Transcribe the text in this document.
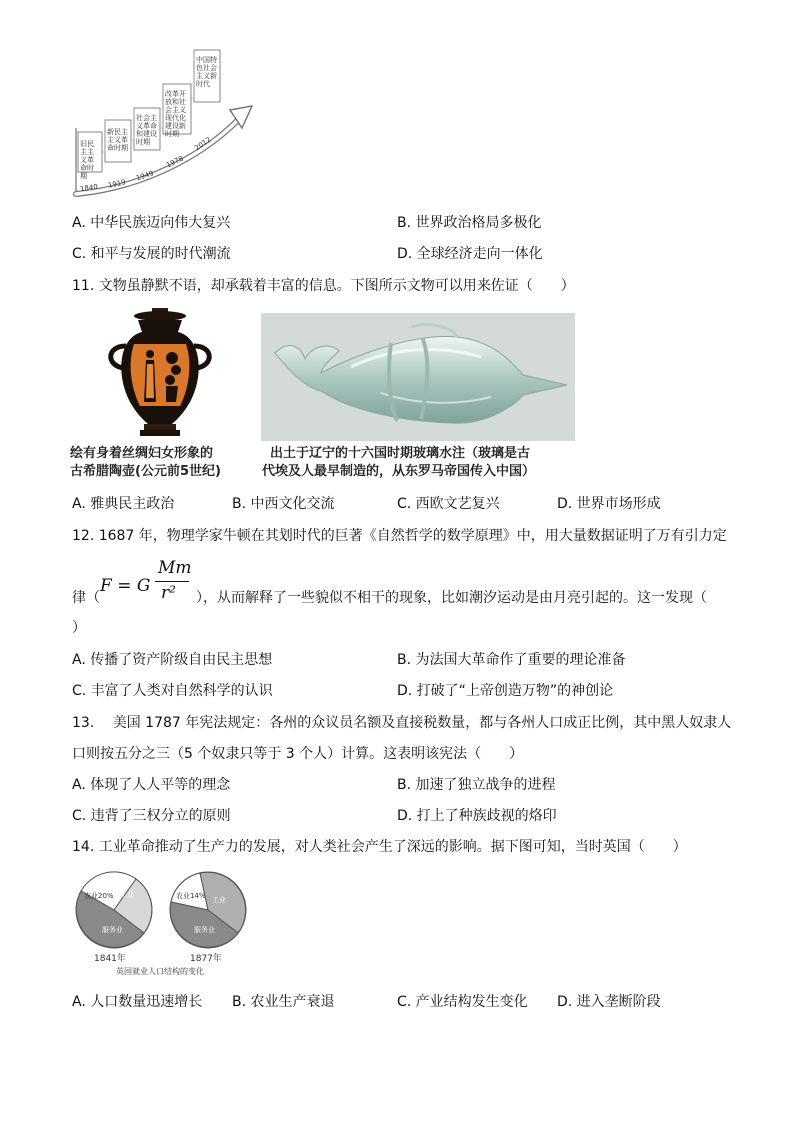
旧民主主义革命时期
新民主主义革命时期
社会主义革命和建设时期
改革开放和社会主义现代化建设新时期
中国特色社会主义新时代
1840 1919
1949
1978
2012
A. 中华民族迈向伟大复兴	B. 世界政治格局多极化
C. 和平与发展的时代潮流	D. 全球经济走向一体化
11. 文物虽静默不语，却承载着丰富的信息。下图所示文物可以用来佐证（　　）
绘有身着丝绸妇女形象的
古希腊陶壶(公元前5世纪)
出土于辽宁的十六国时期玻璃水注（玻璃是古
代埃及人最早制造的，从东罗马帝国传入中国）
A. 雅典民主政治	B. 中西文化交流	C. 西欧文艺复兴	D. 世界市场形成
12. 1687 年，物理学家牛顿在其划时代的巨著《自然哲学的数学原理》中，用大量数据证明了万有引力定
律（
F = G
Mm
r² ），从而解释了一些貌似不相干的现象，比如潮汐运动是由月亮引起的。这一发现（
）
A. 传播了资产阶级自由民主思想	B. 为法国大革命作了重要的理论准备
C. 丰富了人类对自然科学的认识	D. 打破了“上帝创造万物”的神创论
13.　 美国 1787 年宪法规定：各州的众议员名额及直接税数量，都与各州人口成正比例，其中黑人奴隶人
口则按五分之三（5 个奴隶只等于 3 个人）计算。这表明该宪法（　　）
A. 体现了人人平等的理念	B. 加速了独立战争的进程
C. 违背了三权分立的原则	D. 打上了种族歧视的烙印
14. 工业革命推动了生产力的发展，对人类社会产生了深远的影响。据下图可知，当时英国（　　）
农业20% 工业
服务业
农业14% 工业
服务业
1841年	1877年
英国就业人口结构的变化
A. 人口数量迅速增长 B. 农业生产衰退	C. 产业结构发生变化 D. 进入垄断阶段
